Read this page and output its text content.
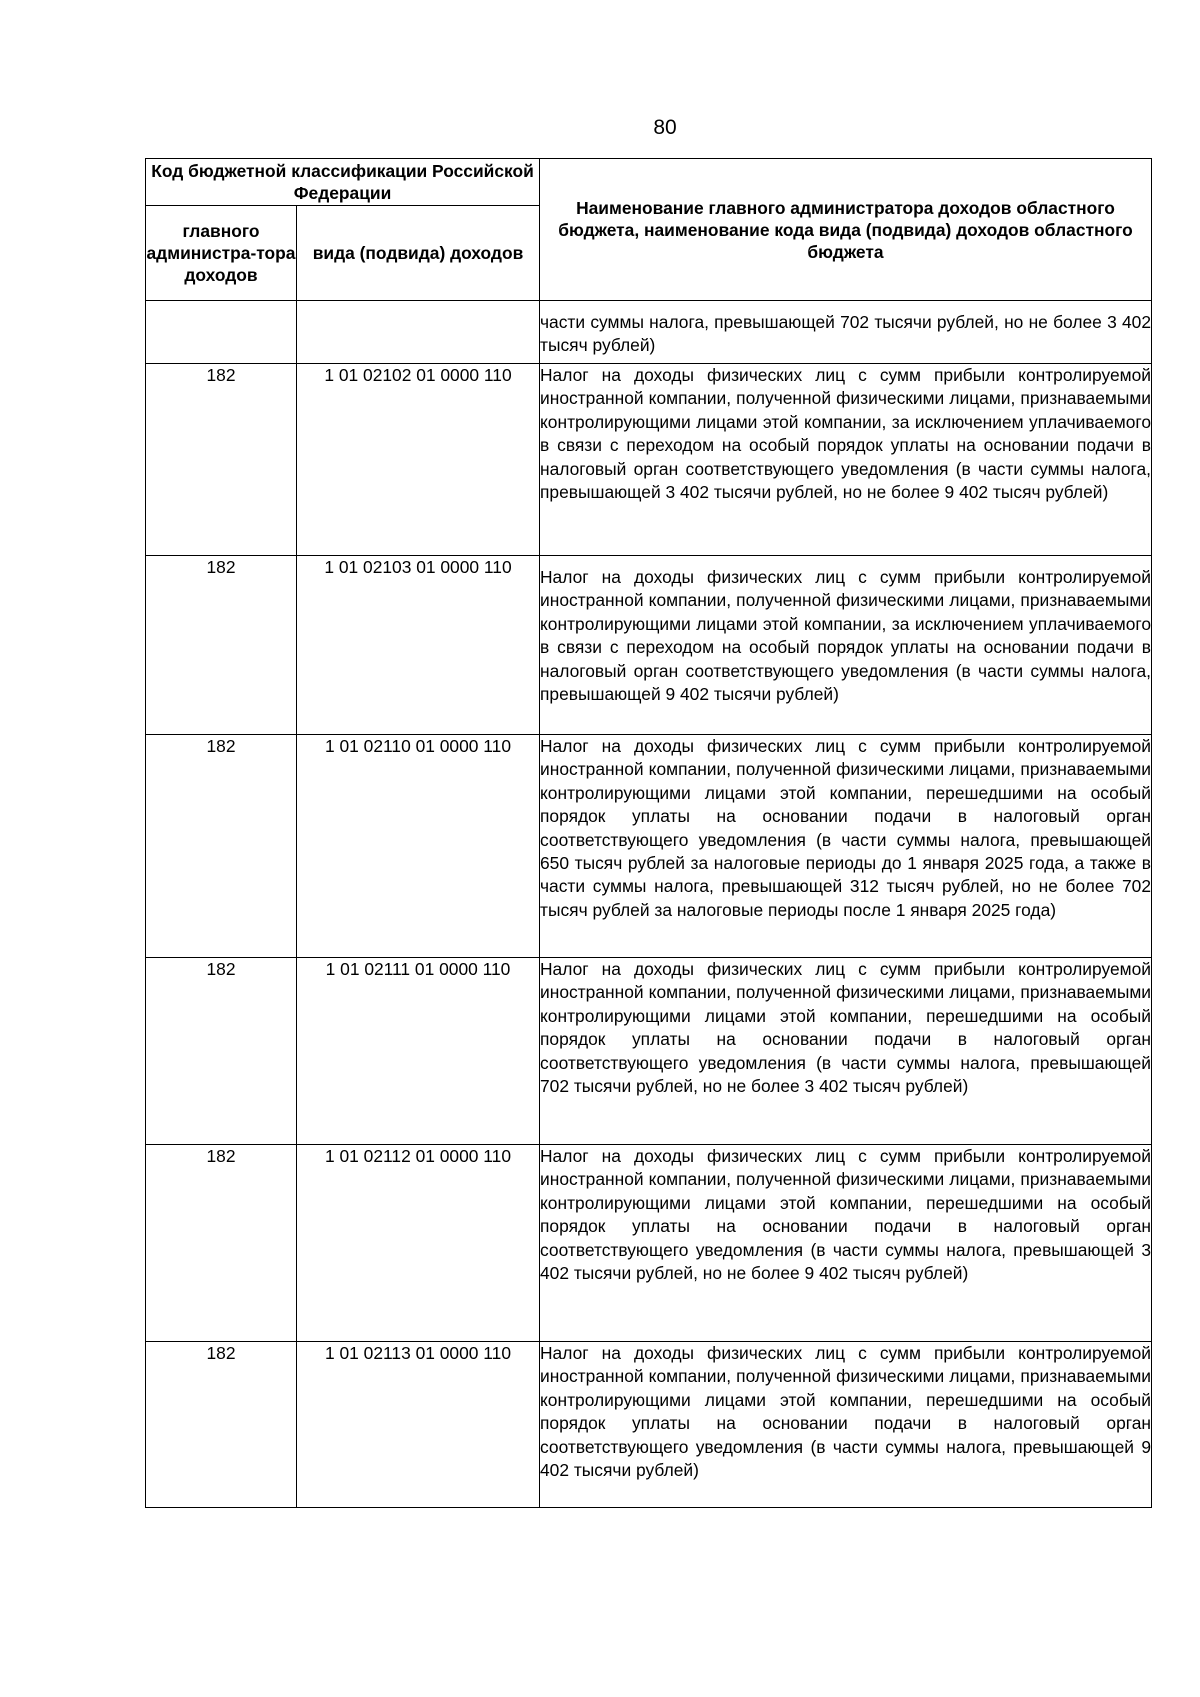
80
Код бюджетной классификации Российской Федерации		Наименование главного администратора доходов областного бюджета, наименование кода вида (подвида) доходов областного бюджета
главного администра-тора доходов	вида (подвида) доходов	
		части суммы налога, превышающей 702 тысячи рублей, но не более 3 402 тысяч рублей)
182	1 01 02102 01 0000 110	Налог на доходы физических лиц с сумм прибыли контролируемой иностранной компании, полученной физическими лицами, признаваемыми контролирующими лицами этой компании, за исключением уплачиваемого в связи с переходом на особый порядок уплаты на основании подачи в налоговый орган соответствующего уведомления (в части суммы налога, превышающей 3 402 тысячи рублей, но не более 9 402 тысяч рублей)
182	1 01 02103 01 0000 110	Налог на доходы физических лиц с сумм прибыли контролируемой иностранной компании, полученной физическими лицами, признаваемыми контролирующими лицами этой компании, за исключением уплачиваемого в связи с переходом на особый порядок уплаты на основании подачи в налоговый орган соответствующего уведомления (в части суммы налога, превышающей 9 402 тысячи рублей)
182	1 01 02110 01 0000 110	Налог на доходы физических лиц с сумм прибыли контролируемой иностранной компании, полученной физическими лицами, признаваемыми контролирующими лицами этой компании, перешедшими на особый порядок уплаты на основании подачи в налоговый орган соответствующего уведомления (в части суммы налога, превышающей 650 тысяч рублей за налоговые периоды до 1 января 2025 года, а также в части суммы налога, превышающей 312 тысяч рублей, но не более 702 тысяч рублей за налоговые периоды после 1 января 2025 года)
182	1 01 02111 01 0000 110	Налог на доходы физических лиц с сумм прибыли контролируемой иностранной компании, полученной физическими лицами, признаваемыми контролирующими лицами этой компании, перешедшими на особый порядок уплаты на основании подачи в налоговый орган соответствующего уведомления (в части суммы налога, превышающей 702 тысячи рублей, но не более 3 402 тысяч рублей)
182	1 01 02112 01 0000 110	Налог на доходы физических лиц с сумм прибыли контролируемой иностранной компании, полученной физическими лицами, признаваемыми контролирующими лицами этой компании, перешедшими на особый порядок уплаты на основании подачи в налоговый орган соответствующего уведомления (в части суммы налога, превышающей 3 402 тысячи рублей, но не более 9 402 тысяч рублей)
182	1 01 02113 01 0000 110	Налог на доходы физических лиц с сумм прибыли контролируемой иностранной компании, полученной физическими лицами, признаваемыми контролирующими лицами этой компании, перешедшими на особый порядок уплаты на основании подачи в налоговый орган соответствующего уведомления (в части суммы налога, превышающей 9 402 тысячи рублей)
